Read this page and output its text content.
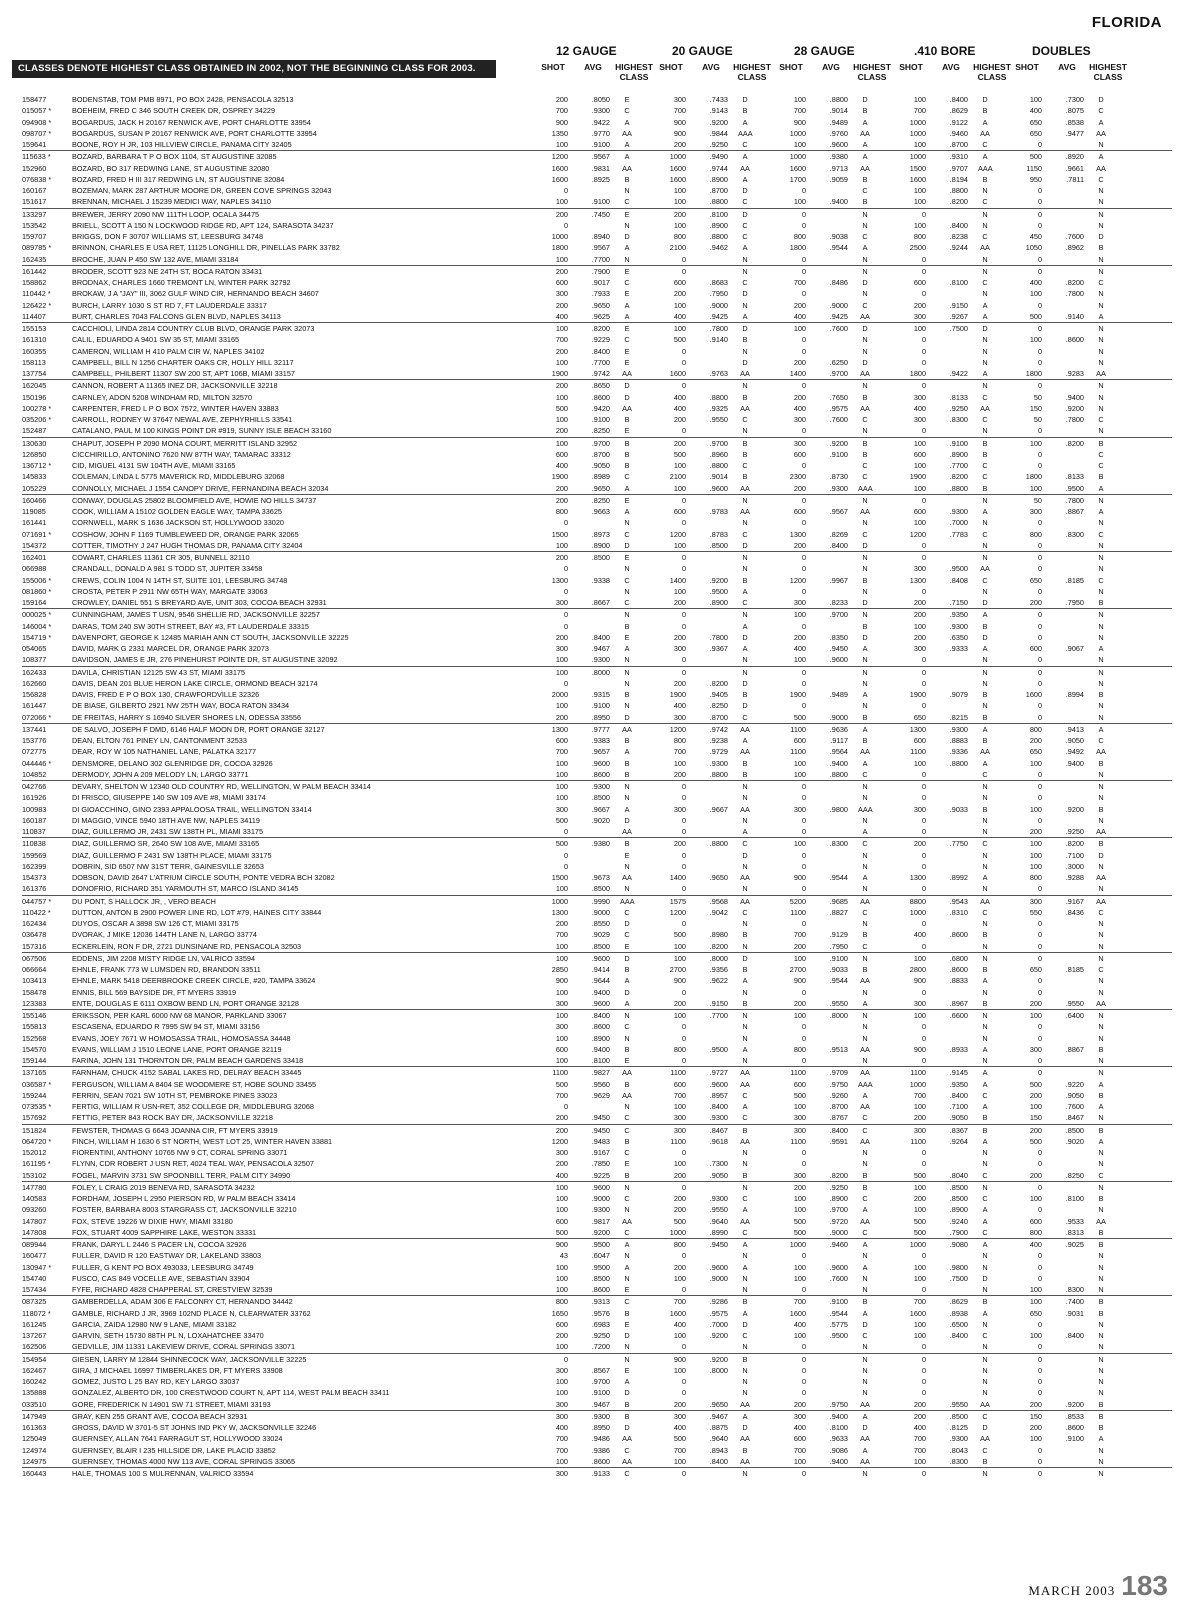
FLORIDA
12 GAUGE	20 GAUGE	28 GAUGE	.410 BORE	DOUBLES
CLASSES DENOTE HIGHEST CLASS OBTAINED IN 2002, NOT THE BEGINNING CLASS FOR 2003.	SHOT	AVG	HIGHEST CLASS
SHOT	AVG	HIGHEST CLASS
SHOT	AVG	HIGHEST CLASS
SHOT	AVG	HIGHEST CLASS
SHOT	AVG	HIGHEST CLASS
158477	BODENSTAB, TOM PMB 8971, PO BOX 2428, PENSACOLA 32513	200	.8050	E	300	.7433	D	100	.8800	D	100	.8400	D	100	.7300	D
015057 *	BOEHEIM, FRED C 346 SOUTH CREEK DR, OSPREY 34229	700	.9300	C	700	.9143	B	700	.9014	B	700	.8629	B	400	.8075	C
094908 *	BOGARDUS, JACK H 20167 RENWICK AVE, PORT CHARLOTTE 33954	900	.9422	A	900	.9200	A	900	.9489	A	1000	.9122	A	650	.8538	A
098707 *	BOGARDUS, SUSAN P 20167 RENWICK AVE, PORT CHARLOTTE 33954	1350	.9770 AA	900	.9844 AAA	1000	.9760 AA	1000	.9460 AA	650	.9477 AA
159641	BOONE, ROY H JR, 103 HILLVIEW CIRCLE, PANAMA CITY 32405	100	.9100	A	200	.9250	C	100	.9600	A	100	.8700	C	0	N
115633 *	BOZARD, BARBARA T P O BOX 1104, ST AUGUSTINE 32085	1200	.9567	A	1000	.9490	A	1000	.9380	A	1000	.9310	A	500	.8920	A
152960	BOZARD, BO 317 REDWING LANE, ST AUGUSTINE 32080	1600	.9831 AA	1600	.9744 AA	1600	.9713 AA	1500	.9707 AAA	1150	.9661 AA
076838 *	BOZARD, FRED H III 317 REDWING LN, ST AUGUSTINE 32084	1600	.8925	B	1600	.8900	A	1700	.9059	B	1600	.8194	B	950	.7811	C
160167	BOZEMAN, MARK 287 ARTHUR MOORE DR, GREEN COVE SPRINGS 32043	0	N	100	.8700	D	0	C	100	.8800	N	0	N
151617	BRENNAN, MICHAEL J 15239 MEDICI WAY, NAPLES 34110	100	.9100	C	100	.8800	C	100	.9400	B	100	.8200	C	0	N
133297	BREWER, JERRY 2090 NW 111TH LOOP, OCALA 34475	200	.7450	E	200	.8100	D	0	N	0	N	0	N
153542	BRIELL, SCOTT A 150 N LOCKWOOD RIDGE RD, APT 124, SARASOTA 34237	0	N	100	.8900	C	0	N	100	.8400	N	0	N
159707	BRIGGS, DON F 30707 WILLIAMS ST, LEESBURG 34748	1000	.8940	D	800	.8800	C	800	.9038	C	800	.8238	C	450	.7600	D
089785 *	BRINNON, CHARLES E USA RET, 11125 LONGHILL DR, PINELLAS PARK 33782	1800	.9567	A	2100	.9462	A	1800	.9544	A	2500	.9244 AA	1050	.8962	B
162435	BROCHE, JUAN P 450 SW 132 AVE, MIAMI 33184	100	.7700	N	0	N	0	N	0	N	0	N
161442	BRODER, SCOTT 923 NE 24TH ST, BOCA RATON 33431	200	.7900	E	0	N	0	N	0	N	0	N
158862	BRODNAX, CHARLES 1660 TREMONT LN, WINTER PARK 32792	600	.9017	C	600	.8683	C	700	.8486	D	600	.8100	C	400	.8200	C
110442 *	BROKAW, J A "JAY" III, 3062 GULF WIND CIR, HERNANDO BEACH 34607	300	.7933	E	200	.7950	D	0	N	0	N	100	.7800	N
126422 *	BURCH, LARRY 1030 S ST RD 7, FT LAUDERDALE 33317	200	.9650	A	100	.9000	N	200	.9000	C	200	.9150	A	0	N
114407	BURT, CHARLES 7043 FALCONS GLEN BLVD, NAPLES 34113	400	.9625	A	400	.9425	A	400	.9425 AA	300	.9267	A	500	.9140	A
155153	CACCHIOLI, LINDA 2814 COUNTRY CLUB BLVD, ORANGE PARK 32073	100	.8200	E	100	.7800	D	100	.7600	D	100	.7500	D	0	N
161310	CALIL, EDUARDO A 9401 SW 35 ST, MIAMI 33165	700	.9229	C	500	.9140	B	0	N	0	N	100	.8600	N
160355	CAMERON, WILLIAM H 410 PALM CIR W, NAPLES 34102	200	.8400	E	0	N	0	N	0	N	0	N
158113	CAMPBELL, BILL N 1256 CHARTER OAKS CR, HOLLY HILL 32117	100	.7700	E	0	D	200	.6250	D	0	N	0	N
137754	CAMPBELL, PHILBERT 11307 SW 200 ST, APT 106B, MIAMI 33157	1900	.9742 AA	1600	.9763 AA	1400	.9700 AA	1800	.9422	A	1800	.9283 AA
162045	CANNON, ROBERT A 11365 INEZ DR, JACKSONVILLE 32218	200	.8650	D	0	N	0	N	0	N	0	N
150196	CARNLEY, ADON 5208 WINDHAM RD, MILTON 32570	100	.8600	D	400	.8800	B	200	.7650	B	300	.8133	C	50	.9400	N
100278 *	CARPENTER, FRED L P O BOX 7572, WINTER HAVEN 33883	500	.9420 AA	400	.9325 AA	400	.9575 AA	400	.9250 AA	150	.9200	N
035206 *	CARROLL, RODNEY W 37647 NEWAL AVE, ZEPHYRHILLS 33541	100	.9100	B	200	.9550	C	300	.7600	C	300	.8300	C	50	.7800	C
152487	CATALANO, PAUL M 100 KINGS POINT DR #919, SUNNY ISLE BEACH 33160	200	.8250	E	0	N	0	N	0	N	0	N
130630	CHAPUT, JOSEPH P 2090 MONA COURT, MERRITT ISLAND 32952	100	.9700	B	200	.9700	B	300	.9200	B	100	.9100	B	100	.8200	B
126850	CICCHIRILLO, ANTONINO 7620 NW 87TH WAY, TAMARAC 33312	600	.8700	B	500	.8960	B	600	.9100	B	600	.8900	B	0	C
136712 *	CID, MIGUEL 4131 SW 104TH AVE, MIAMI 33165	400	.9050	B	100	.8800	C	0	C	100	.7700	C	0	C
145833	COLEMAN, LINDA L 5775 MAVERICK RD, MIDDLEBURG 32068	1900	.8989	C	2100	.9014	B	2300	.8730	C	1900	.8200	C	1800	.8133	B
105229	CONNOLLY, MICHAEL J 1554 CANOPY DRIVE, FERNANDINA BEACH 32034	200	.9650	A	100	.9600 AA	200	.9300 AAA	100	.8800	B	100	.9500	A
160466	CONWAY, DOUGLAS 25802 BLOOMFIELD AVE, HOWIE NO HILLS 34737	200	.8250	E	0	N	0	N	0	N	50	.7800	N
119085	COOK, WILLIAM A 15102 GOLDEN EAGLE WAY, TAMPA 33625	800	.9663	A	600	.9783 AA	600	.9567 AA	600	.9300	A	300	.8867	A
161441	CORNWELL, MARK S 1636 JACKSON ST, HOLLYWOOD 33020	0	N	0	N	0	N	100	.7000	N	0	N
071691 *	COSHOW, JOHN F 1169 TUMBLEWEED DR, ORANGE PARK 32065	1500	.8973	C	1200	.8783	C	1300	.8269	C	1200	.7783	C	800	.8300	C
154372	COTTER, TIMOTHY J 247 HUGH THOMAS DR, PANAMA CITY 32404	100	.8900	D	100	.8500	D	200	.8400	D	0	N	0	N
162401	COWART, CHARLES 11361 CR 305, BUNNELL 32110	200	.8500	E	0	N	0	N	0	N	0	N
066988	CRANDALL, DONALD A 981 S TODD ST, JUPITER 33458	0	N	0	N	0	N	300	.9500 AA	0	N
155006 *	CREWS, COLIN 1004 N 14TH ST, SUITE 101, LEESBURG 34748	1300	.9338	C	1400	.9200	B	1200	.9967	B	1300	.8408	C	650	.8185	C
081860 *	CROSTA, PETER P 2911 NW 65TH WAY, MARGATE 33063	0	N	100	.9500	A	0	N	0	N	0	N
159164	CROWLEY, DANIEL 551 S BREYARD AVE, UNIT 303, COCOA BEACH 32931	300	.8667	C	200	.8900	C	300	.8233	D	200	.7150	D	200	.7950	B
000025 *	CUNNINGHAM, JAMES T USN, 9546 SHELLIE RD, JACKSONVILLE 32257	0	N	0	N	100	.9700	N	200	.9350	A	0	N
146004 *	DARAS, TOM 240 SW 30TH STREET, BAY #3, FT LAUDERDALE 33315	0	B	0	A	0	B	100	.9300	B	0	N
154719 *	DAVENPORT, GEORGE K 12485 MARIAH ANN CT SOUTH, JACKSONVILLE 32225	200	.8400	E	200	.7800	D	200	.8350	D	200	.6350	D	0	N
054065	DAVID, MARK G 2331 MARCEL DR, ORANGE PARK 32073	300	.9467	A	300	.9367	A	400	.9450	A	300	.9333	A	600	.9067	A
108377	DAVIDSON, JAMES E JR, 276 PINEHURST POINTE DR, ST AUGUSTINE 32092	100	.9300	N	0	N	100	.9600	N	0	N	0	N
162433	DAVILA, CHRISTIAN 12125 SW 43 ST, MIAMI 33175	100	.8000	N	0	N	0	N	0	N	0	N
162660	DAVIS, DEAN 201 BLUE HERON LAKE CIRCLE, ORMOND BEACH 32174	0	N	200	.8200	D	0	N	0	N	0	N
156828	DAVIS, FRED E P O BOX 130, CRAWFORDVILLE 32326	2000	.9315	B	1900	.9405	B	1900	.9489	A	1900	.9079	B	1600	.8994	B
161447	DE BIASE, GILBERTO 2921 NW 25TH WAY, BOCA RATON 33434	100	.9100	N	400	.8250	D	0	N	0	N	0	N
072066 *	DE FREITAS, HARRY S 16940 SILVER SHORES LN, ODESSA 33556	200	.8950	D	300	.8700	C	500	.9000	B	650	.8215	B	0	N
137441	DE SALVO, JOSEPH F DMD, 6146 HALF MOON DR, PORT ORANGE 32127	1300	.9777 AA	1200	.9742 AA	1100	.9636	A	1300	.9300	A	800	.9413	A
153776	DEAN, ELTON 761 PINEY LN, CANTONMENT 32533	600	.9383	B	800	.9238	A	600	.9117	B	600	.8883	B	200	.9050	C
072775	DEAR, ROY W 105 NATHANIEL LANE, PALATKA 32177	700	.9657	A	700	.9729 AA	1100	.9564 AA	1100	.9336 AA	650	.9492 AA
044446 *	DENSMORE, DELANO 302 GLENRIDGE DR, COCOA 32926	100	.9600	B	100	.9300	B	100	.9400	A	100	.8800	A	100	.9400	B
104852	DERMODY, JOHN A 209 MELODY LN, LARGO 33771	100	.8600	B	200	.8800	B	100	.8800	C	0	C	0	N
042766	DEVARY, SHELTON W 12340 OLD COUNTRY RD, WELLINGTON, W PALM BEACH 33414	100	.9300	N	0	N	0	N	0	N	0	N
161926	DI FRISCO, GIUSEPPE 140 SW 109 AVE #8, MIAMI 33174	100	.8500	N	0	N	0	N	0	N	0	N
100983	DI GIOACCHINO, GINO 2393 APPALOOSA TRAIL, WELLINGTON 33414	300	.9667	A	300	.9667 AA	300	.9800 AAA	300	.9033	B	100	.9200	B
160187	DI MAGGIO, VINCE 5940 18TH AVE NW, NAPLES 34119	500	.9020	D	0	N	0	N	0	N	0	N
110837	DIAZ, GUILLERMO JR, 2431 SW 138TH PL, MIAMI 33175	0	AA	0	A	0	A	0	N	200	.9250 AA
110838	DIAZ, GUILLERMO SR, 2640 SW 108 AVE, MIAMI 33165	500	.9380	B	200	.8800	C	100	.8300	C	200	.7750	C	100	.8200	B
159569	DIAZ, GUILLERMO F 2431 SW 138TH PLACE, MIAMI 33175	0	E	0	D	0	N	0	N	100	.7100	D
162399	DOBRIN, SID 6507 NW 31ST TERR, GAINESVILLE 32653	0	N	0	N	0	N	0	N	100	.3000	N
154373	DOBSON, DAVID 2647 L'ATRIUM CIRCLE SOUTH, PONTE VEDRA BCH 32082	1500	.9673 AA	1400	.9650 AA	900	.9544	A	1300	.8992	A	800	.9288 AA
161376	DONOFRIO, RICHARD 351 YARMOUTH ST, MARCO ISLAND 34145	100	.8500	N	0	N	0	N	0	N	0	N
044757 *	DU PONT, S HALLOCK JR, , VERO BEACH	1000	.9990 AAA	1575	.9568 AA	5200	.9685 AA	8800	.9543 AA	300	.9167 AA
110422 *	DUTTON, ANTON B 2900 POWER LINE RD, LOT #79, HAINES CITY 33844	1300	.9000	C	1200	.9042	C	1100	.8827	C	1000	.8310	C	550	.8436	C
162434	DUYOS, OSCAR A 3898 SW 126 CT, MIAMI 33175	200	.8550	D	0	N	0	N	0	N	0	N
036478	DVORAK, J MIKE 12036 144TH LANE N, LARGO 33774	700	.9029	C	500	.8980	B	700	.9129	B	400	.8600	B	0	N
157316	ECKERLEIN, RON F DR, 2721 DUNSINANE RD, PENSACOLA 32503	100	.8500	E	100	.8200	N	200	.7950	C	0	N	0	N
067506	EDDENS, JIM 2208 MISTY RIDGE LN, VALRICO 33594	100	.9600	D	100	.8000	D	100	.9100	N	100	.6800	N	0	N
066664	EHNLE, FRANK 773 W LUMSDEN RD, BRANDON 33511	2850	.9414	B	2700	.9356	B	2700	.9033	B	2800	.8600	B	650	.8185	C
103413	EHNLE, MARK 5418 DEERBROOKE CREEK CIRCLE, #20, TAMPA 33624	900	.9644	A	900	.9622	A	900	.9544 AA	900	.8833	A	0	N
158478	ENNIS, BILL 569 BAYSIDE DR, FT MYERS 33919	100	.9400	D	0	N	0	N	0	N	0	N
123383	ENTE, DOUGLAS E 6111 OXBOW BEND LN, PORT ORANGE 32128	300	.9600	A	200	.9150	B	200	.9550	A	300	.8967	B	200	.9550 AA
155146	ERIKSSON, PER KARL 6000 NW 68 MANOR, PARKLAND 33067	100	.8400	N	100	.7700	N	100	.8000	N	100	.6600	N	100	.6400	N
155813	ESCASENA, EDUARDO R 7995 SW 94 ST, MIAMI 33156	300	.8600	C	0	N	0	N	0	N	0	N
152568	EVANS, JOEY 7671 W HOMOSASSA TRAIL, HOMOSASSA 34448	100	.8900	N	0	N	0	N	0	N	0	N
154570	EVANS, WILLIAM J 1510 LEONE LANE, PORT ORANGE 32119	600	.9400	B	800	.9500	A	800	.9513 AA	900	.8933	A	300	.8867	B
159144	FARINA, JOHN 131 THORNTON DR, PALM BEACH GARDENS 33418	100	.8100	E	0	N	0	N	0	N	0	N
137165	FARNHAM, CHUCK 4152 SABAL LAKES RD, DELRAY BEACH 33445	1100	.9827 AA	1100	.9727 AA	1100	.9709 AA	1100	.9145	A	0	N
036587 *	FERGUSON, WILLIAM A 8404 SE WOODMERE ST, HOBE SOUND 33455	500	.9560	B	600	.9600 AA	600	.9750 AAA	1000	.9350	A	500	.9220	A
159244	FERRIN, SEAN 7021 SW 10TH ST, PEMBROKE PINES 33023	700	.9629 AA	700	.8957	C	500	.9260	A	700	.8400	C	200	.9050	B
073535 *	FERTIG, WILLIAM R USN-RET, 352 COLLEGE DR, MIDDLEBURG 32068	0	N	100	.8400	A	100	.8700 AA	100	.7100	A	100	.7600	A
157692	FETTIG, PETER 843 ROCK BAY DR, JACKSONVILLE 32218	200	.9450	C	300	.9300	C	300	.8767	C	200	.9050	B	150	.8467	N
151824	FEWSTER, THOMAS G 6643 JOANNA CIR, FT MYERS 33919	200	.9450	C	300	.8467	B	300	.8400	C	300	.8367	B	200	.8500	B
064720 *	FINCH, WILLIAM H 1630 6 ST NORTH, WEST LOT 25, WINTER HAVEN 33881	1200	.9483	B	1100	.9618 AA	1100	.9591 AA	1100	.9264	A	500	.9020	A
152012	FIORENTINI, ANTHONY 10765 NW 9 CT, CORAL SPRING 33071	300	.9167	C	0	N	0	N	0	N	0	N
161195 *	FLYNN, CDR ROBERT J USN RET, 4024 TEAL WAY, PENSACOLA 32507	200	.7850	E	100	.7300	N	0	N	0	N	0	N
153102	FOGEL, MARVIN 3731 SW SPOONBILL TERR, PALM CITY 34990	400	.9225	B	200	.9050	B	300	.8200	B	500	.8040	C	200	.8250	C
147780	FOLEY, L CRAIG 2019 BENEVA RD, SARASOTA 34232	100	.9600	N	0	N	200	.9250	B	100	.8500	N	0	N
140583	FORDHAM, JOSEPH L 2950 PIERSON RD, W PALM BEACH 33414	100	.9000	C	200	.9300	C	100	.8900	C	200	.8500	C	100	.8100	B
093260	FOSTER, BARBARA 8003 STARGRASS CT, JACKSONVILLE 32210	100	.9300	N	200	.9550	A	100	.9700	A	100	.8900	A	0	N
147807	FOX, STEVE 19226 W DIXIE HWY, MIAMI 33180	600	.9817 AA	500	.9640 AA	500	.9720 AA	500	.9240	A	600	.9533 AA
147808	FOX, STUART 4009 SAPPHIRE LAKE, WESTON 33331	500	.9200	C	1000	.8990	C	500	.9000	C	500	.7900	C	800	.8313	B
089944	FRANK, DARYL L 2446 S PACER LN, COCOA 32926	900	.9500	A	800	.9450	A	1000	.9460	A	1000	.9080	A	400	.9025	B
160477	FULLER, DAVID R 120 EASTWAY DR, LAKELAND 33803	43	.6047	N	0	N	0	N	0	N	0	N
130947 *	FULLER, G KENT PO BOX 493033, LEESBURG 34749	100	.9500	A	200	.9600	A	100	.9600	A	100	.9800	N	0	N
154740	FUSCO, CAS 849 VOCELLE AVE, SEBASTIAN 33904	100	.8500	N	100	.9000	N	100	.7600	N	100	.7500	D	0	N
157434	FYFE, RICHARD 4828 CHAPPERAL ST, CRESTVIEW 32539	100	.8600	E	0	N	0	N	0	N	100	.8300	N
087325	GAMBERDELLA, ADAM 306 E FALCONRY CT, HERNANDO 34442	800	.9313	C	700	.9286	B	700	.9100	B	700	.8629	B	100	.7400	B
118072 *	GAMBLE, RICHARD J JR, 3969 102ND PLACE N, CLEARWATER 33762	1650	.9576	B	1600	.9575	A	1600	.9544	A	1600	.8938	A	650	.9031	B
161245	GARCIA, ZAIDA 12980 NW 9 LANE, MIAMI 33182	600	.6983	E	400	.7000	D	400	.5775	D	100	.6500	N	0	N
137267	GARVIN, SETH 15730 88TH PL N, LOXAHATCHEE 33470	200	.9250	D	100	.9200	C	100	.9500	C	100	.8400	C	100	.8400	N
162506	GEDVILLE, JIM 11331 LAKEVIEW DRIVE, CORAL SPRINGS 33071	100	.7200	N	0	N	0	N	0	N	0	N
154954	GIESEN, LARRY M 12844 SHINNECOCK WAY, JACKSONVILLE 32225	0	N	900	.9200	B	0	N	0	N	0	N
162467	GIRA, J MICHAEL 16997 TIMBERLAKES DR, FT MYERS 33908	300	.8567	E	100	.8000	N	0	N	0	N	0	N
160242	GOMEZ, JUSTO L 25 BAY RD, KEY LARGO 33037	100	.9700	A	0	N	0	N	0	N	0	N
135888	GONZALEZ, ALBERTO DR, 100 CRESTWOOD COURT N, APT 114, WEST PALM BEACH 33411	100	.9100	D	0	N	0	N	0	N	0	N
033510	GORE, FREDERICK N 14901 SW 71 STREET, MIAMI 33193	300	.9467	B	200	.9650 AA	200	.9750 AA	200	.9550 AA	200	.9200	B
147949	GRAY, KEN 255 GRANT AVE, COCOA BEACH 32931	300	.9300	B	300	.9467	A	300	.9400	A	200	.8500	C	150	.8533	B
161363	GROSS, DAVID W 3701-5 ST JOHNS IND PKY W, JACKSONVILLE 32246	400	.8950	D	400	.8875	D	400	.8100	D	400	.8125	D	200	.8600	B
125049	GUERNSEY, ALLAN 7641 FARRAGUT ST, HOLLYWOOD 33024	700	.9486 AA	500	.9640 AA	600	.9633 AA	700	.9300 AA	100	.9100	A
124974	GUERNSEY, BLAIR I 235 HILLSIDE DR, LAKE PLACID 33852	700	.9386	C	700	.8943	B	700	.9086	A	700	.8043	C	0	N
124975	GUERNSEY, THOMAS 4000 NW 113 AVE, CORAL SPRINGS 33065	100	.8600 AA	100	.8400 AA	100	.9400 AA	100	.8300	B	0	N
160443	HALE, THOMAS 100 S MULRENNAN, VALRICO 33594	300	.9133	C	0	N	0	N	0	N	0	N
MARCH 2003 183
